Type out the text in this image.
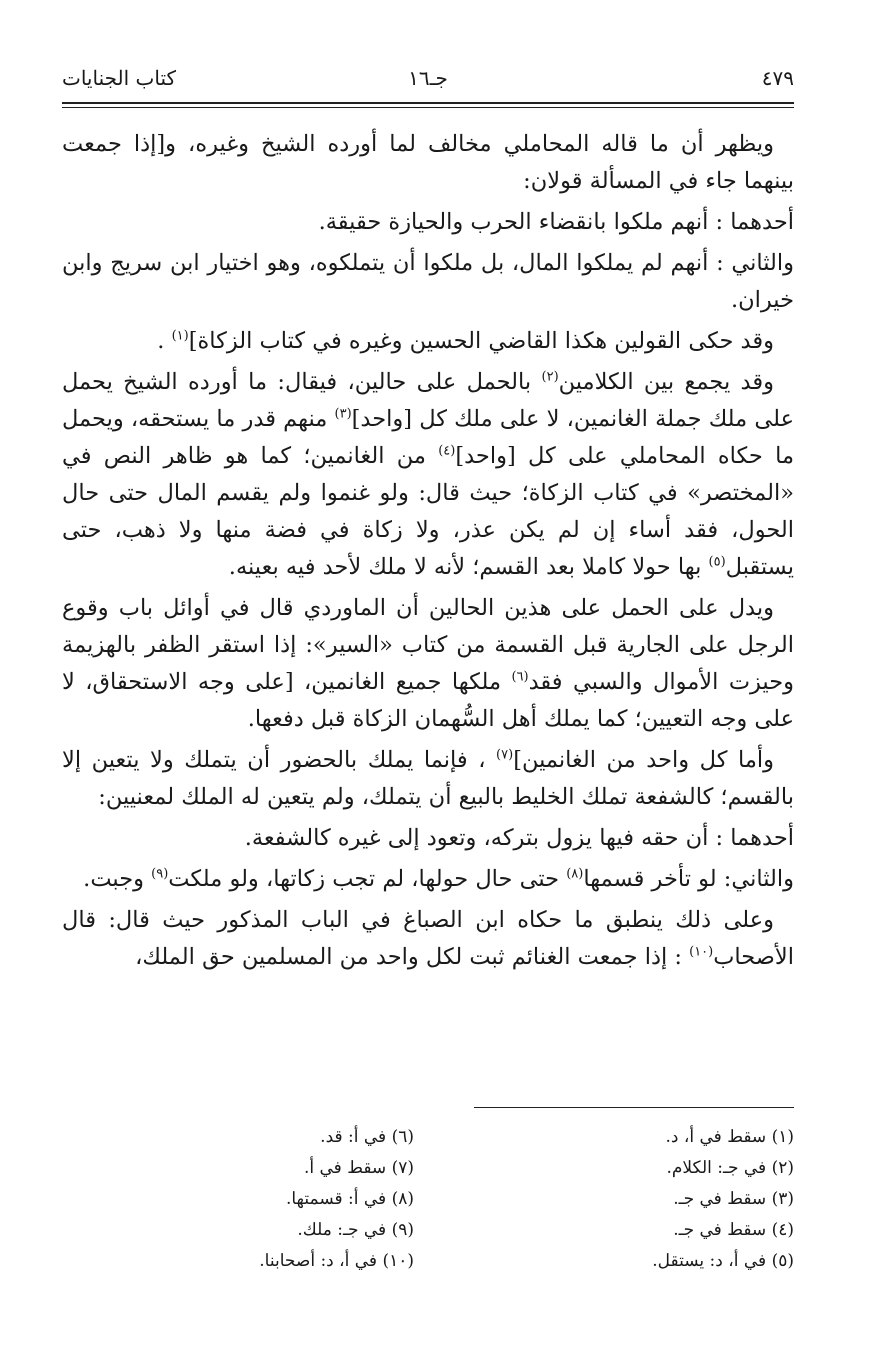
٤٧٩
جـ١٦
كتاب الجنايات

ويظهر أن ما قاله المحاملي مخالف لما أورده الشيخ وغيره، و[إذا جمعت بينهما جاء في المسألة قولان:

أحدهما : أنهم ملكوا بانقضاء الحرب والحيازة حقيقة.

والثاني : أنهم لم يملكوا المال، بل ملكوا أن يتملكوه، وهو اختيار ابن سريج وابن خيران.

وقد حكى القولين هكذا القاضي الحسين وغيره في كتاب الزكاة]$^{(١)}$ .

وقد يجمع بين الكلامين$^{(٢)}$ بالحمل على حالين، فيقال: ما أورده الشيخ يحمل على ملك جملة الغانمين، لا على ملك كل [واحد]$^{(٣)}$ منهم قدر ما يستحقه، ويحمل ما حكاه المحاملي على كل [واحد]$^{(٤)}$ من الغانمين؛ كما هو ظاهر النص في «المختصر» في كتاب الزكاة؛ حيث قال: ولو غنموا ولم يقسم المال حتى حال الحول، فقد أساء إن لم يكن عذر، ولا زكاة في فضة منها ولا ذهب، حتى يستقبل$^{(٥)}$ بها حولا كاملا بعد القسم؛ لأنه لا ملك لأحد فيه بعينه.

ويدل على الحمل على هذين الحالين أن الماوردي قال في أوائل باب وقوع الرجل على الجارية قبل القسمة من كتاب «السير»: إذا استقر الظفر بالهزيمة وحيزت الأموال والسبي فقد$^{(٦)}$ ملكها جميع الغانمين، [على وجه الاستحقاق، لا على وجه التعيين؛ كما يملك أهل السُّهمان الزكاة قبل دفعها.

وأما كل واحد من الغانمين]$^{(٧)}$ ، فإنما يملك بالحضور أن يتملك ولا يتعين إلا بالقسم؛ كالشفعة تملك الخليط بالبيع أن يتملك، ولم يتعين له الملك لمعنيين:

أحدهما : أن حقه فيها يزول بتركه، وتعود إلى غيره كالشفعة.

والثاني: لو تأخر قسمها$^{(٨)}$ حتى حال حولها، لم تجب زكاتها، ولو ملكت$^{(٩)}$ وجبت.

وعلى ذلك ينطبق ما حكاه ابن الصباغ في الباب المذكور حيث قال: قال الأصحاب$^{(١٠)}$ : إذا جمعت الغنائم ثبت لكل واحد من المسلمين حق الملك،

(١) سقط في أ، د.
(٢) في جـ: الكلام.
(٣) سقط في جـ.
(٤) سقط في جـ.
(٥) في أ، د: يستقل.
(٦) في أ: قد.
(٧) سقط في أ.
(٨) في أ: قسمتها.
(٩) في جـ: ملك.
(١٠) في أ، د: أصحابنا.
